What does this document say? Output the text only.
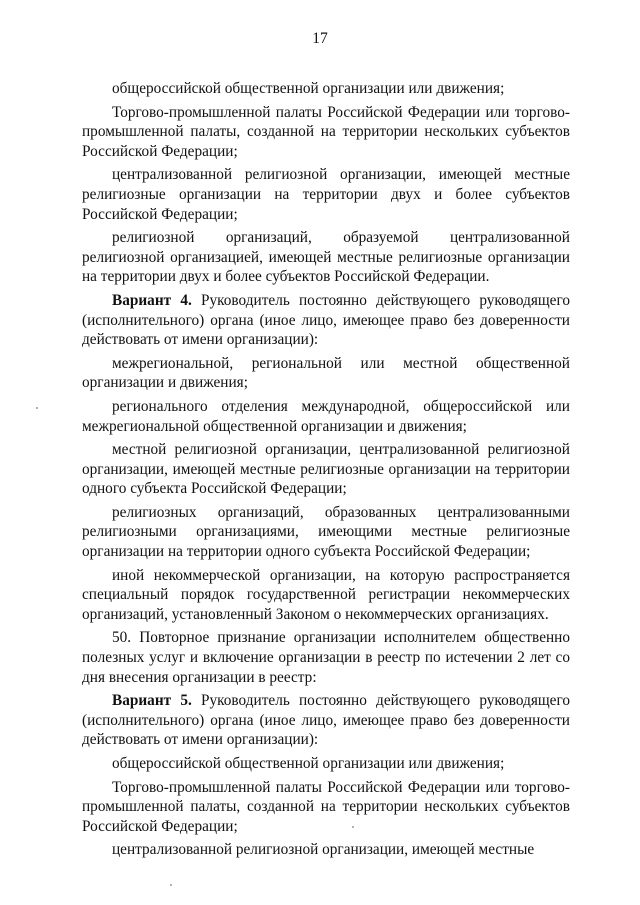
17

общероссийской общественной организации или движения;

Торгово-промышленной палаты Российской Федерации или торгово-промышленной палаты, созданной на территории нескольких субъектов Российской Федерации;

централизованной религиозной организации, имеющей местные религиозные организации на территории двух и более субъектов Российской Федерации;

религиозной организаций, образуемой централизованной религиозной организацией, имеющей местные религиозные организации на территории двух и более субъектов Российской Федерации.

Вариант 4. Руководитель постоянно действующего руководящего (исполнительного) органа (иное лицо, имеющее право без доверенности действовать от имени организации):

межрегиональной, региональной или местной общественной организации и движения;

регионального отделения международной, общероссийской или межрегиональной общественной организации и движения;

местной религиозной организации, централизованной религиозной организации, имеющей местные религиозные организации на территории одного субъекта Российской Федерации;

религиозных организаций, образованных централизованными религиозными организациями, имеющими местные религиозные организации на территории одного субъекта Российской Федерации;

иной некоммерческой организации, на которую распространяется специальный порядок государственной регистрации некоммерческих организаций, установленный Законом о некоммерческих организациях.

50. Повторное признание организации исполнителем общественно полезных услуг и включение организации в реестр по истечении 2 лет со дня внесения организации в реестр:

Вариант 5. Руководитель постоянно действующего руководящего (исполнительного) органа (иное лицо, имеющее право без доверенности действовать от имени организации):

общероссийской общественной организации или движения;

Торгово-промышленной палаты Российской Федерации или торгово-промышленной палаты, созданной на территории нескольких субъектов Российской Федерации;

централизованной религиозной организации, имеющей местные
